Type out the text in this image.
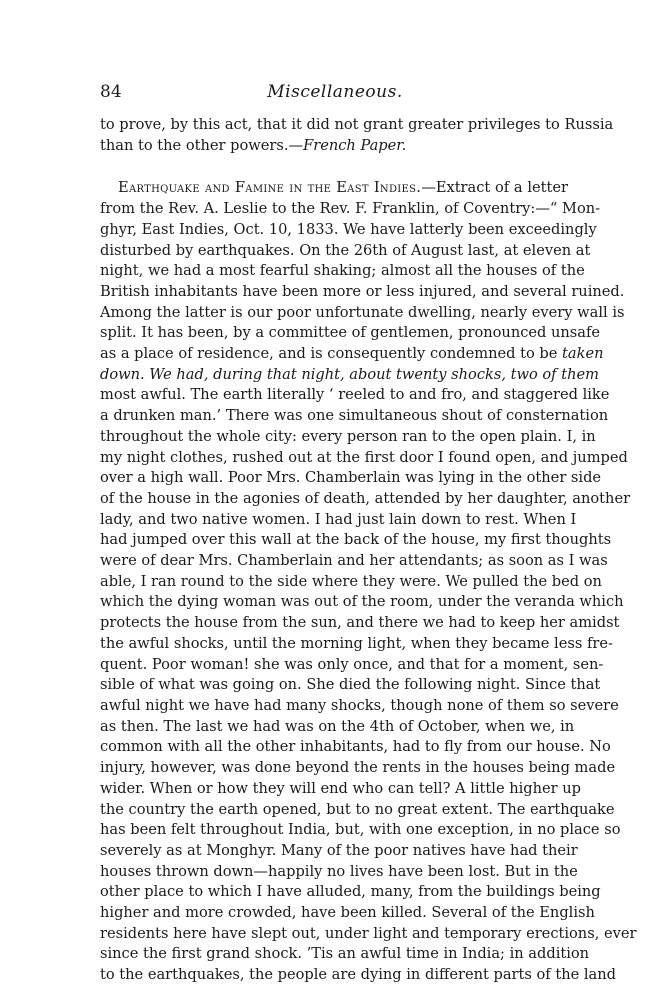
84	Miscellaneous.
to prove, by this act, that it did not grant greater privileges to Russia
than to the other powers.—French Paper.
Earthquake and Famine in the East Indies.—Extract of a letter
from the Rev. A. Leslie to the Rev. F. Franklin, of Coventry:—“ Mon-
ghyr, East Indies, Oct. 10, 1833. We have latterly been exceedingly
disturbed by earthquakes. On the 26th of August last, at eleven at
night, we had a most fearful shaking; almost all the houses of the
British inhabitants have been more or less injured, and several ruined.
Among the latter is our poor unfortunate dwelling, nearly every wall is
split. It has been, by a committee of gentlemen, pronounced unsafe
as a place of residence, and is consequently condemned to be taken
down. We had, during that night, about twenty shocks, two of them
most awful. The earth literally ‘ reeled to and fro, and staggered like
a drunken man.’ There was one simultaneous shout of consternation
throughout the whole city: every person ran to the open plain. I, in
my night clothes, rushed out at the first door I found open, and jumped
over a high wall. Poor Mrs. Chamberlain was lying in the other side
of the house in the agonies of death, attended by her daughter, another
lady, and two native women. I had just lain down to rest. When I
had jumped over this wall at the back of the house, my first thoughts
were of dear Mrs. Chamberlain and her attendants; as soon as I was
able, I ran round to the side where they were. We pulled the bed on
which the dying woman was out of the room, under the veranda which
protects the house from the sun, and there we had to keep her amidst
the awful shocks, until the morning light, when they became less fre-
quent. Poor woman! she was only once, and that for a moment, sen-
sible of what was going on. She died the following night. Since that
awful night we have had many shocks, though none of them so severe
as then. The last we had was on the 4th of October, when we, in
common with all the other inhabitants, had to fly from our house. No
injury, however, was done beyond the rents in the houses being made
wider. When or how they will end who can tell? A little higher up
the country the earth opened, but to no great extent. The earthquake
has been felt throughout India, but, with one exception, in no place so
severely as at Monghyr. Many of the poor natives have had their
houses thrown down—happily no lives have been lost. But in the
other place to which I have alluded, many, from the buildings being
higher and more crowded, have been killed. Several of the English
residents here have slept out, under light and temporary erections, ever
since the first grand shock. ’Tis an awful time in India; in addition
to the earthquakes, the people are dying in different parts of the land
